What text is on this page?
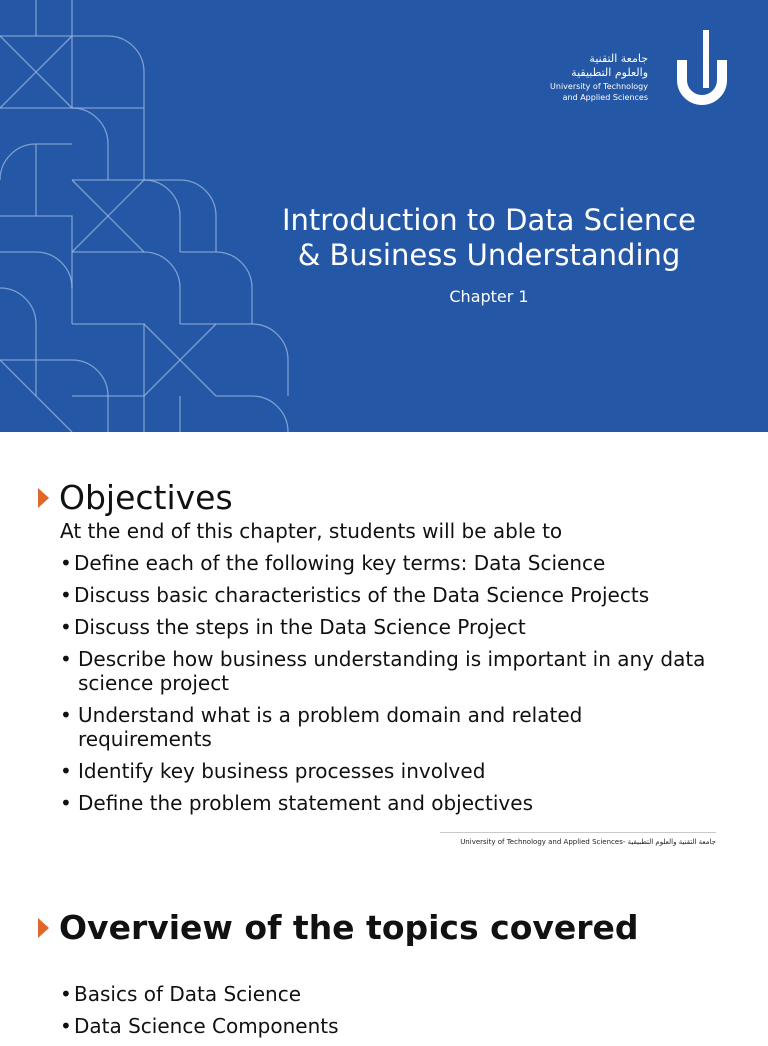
جامعة التقنية
والعلوم التطبيقية
University of Technology
and Applied Sciences
Introduction to Data Science
& Business Understanding
Chapter 1
Objectives
At the end of this chapter, students will be able to
• Define each of the following key terms: Data Science
• Discuss basic characteristics of the Data Science Projects
• Discuss the steps in the Data Science Project
• Describe how business understanding is important in any data science project
• Understand what is a problem domain and related requirements
• Identify key business processes involved
• Define the problem statement and objectives
University of Technology and Applied Sciences- جامعة التقنية والعلوم التطبيقية
Overview of the topics covered
• Basics of Data Science
• Data Science Components
